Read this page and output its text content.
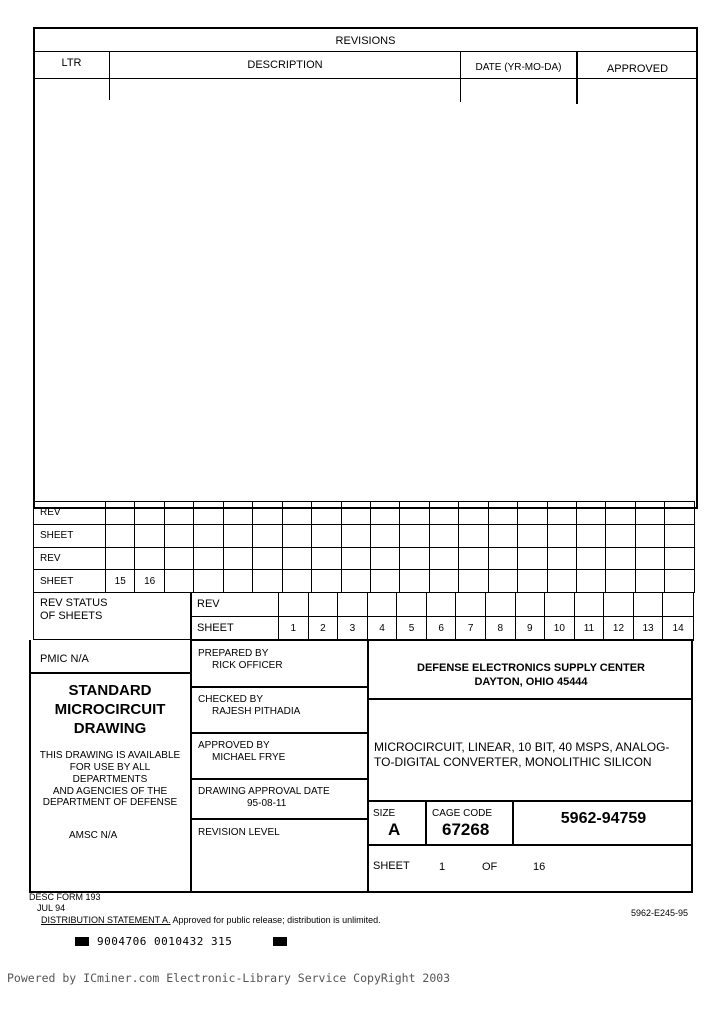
REVISIONS
LTR	DESCRIPTION	DATE (YR-MO-DA)	APPROVED
REV
SHEET
REV
SHEET	15	16
REV STATUS
OF SHEETS
REV
SHEET	1	2	3	4	5	6	7	8	9	10	11	12	13	14
PMIC N/A
STANDARD
MICROCIRCUIT
DRAWING
THIS DRAWING IS AVAILABLE
FOR USE BY ALL
DEPARTMENTS
AND AGENCIES OF THE
DEPARTMENT OF DEFENSE
AMSC N/A
PREPARED BY
RICK OFFICER
CHECKED BY
RAJESH PITHADIA
APPROVED BY
MICHAEL FRYE
DRAWING APPROVAL DATE
95-08-11
REVISION LEVEL
DEFENSE ELECTRONICS SUPPLY CENTER
DAYTON, OHIO 45444
MICROCIRCUIT, LINEAR, 10 BIT, 40 MSPS, ANALOG-
TO-DIGITAL CONVERTER, MONOLITHIC SILICON
SIZE
A
CAGE CODE
67268
5962-94759
SHEET	1	OF	16
DESC FORM 193
JUL 94
DISTRIBUTION STATEMENT A. Approved for public release; distribution is unlimited.
5962-E245-95
9004706 0010432 315
Powered by ICminer.com Electronic-Library Service CopyRight 2003
